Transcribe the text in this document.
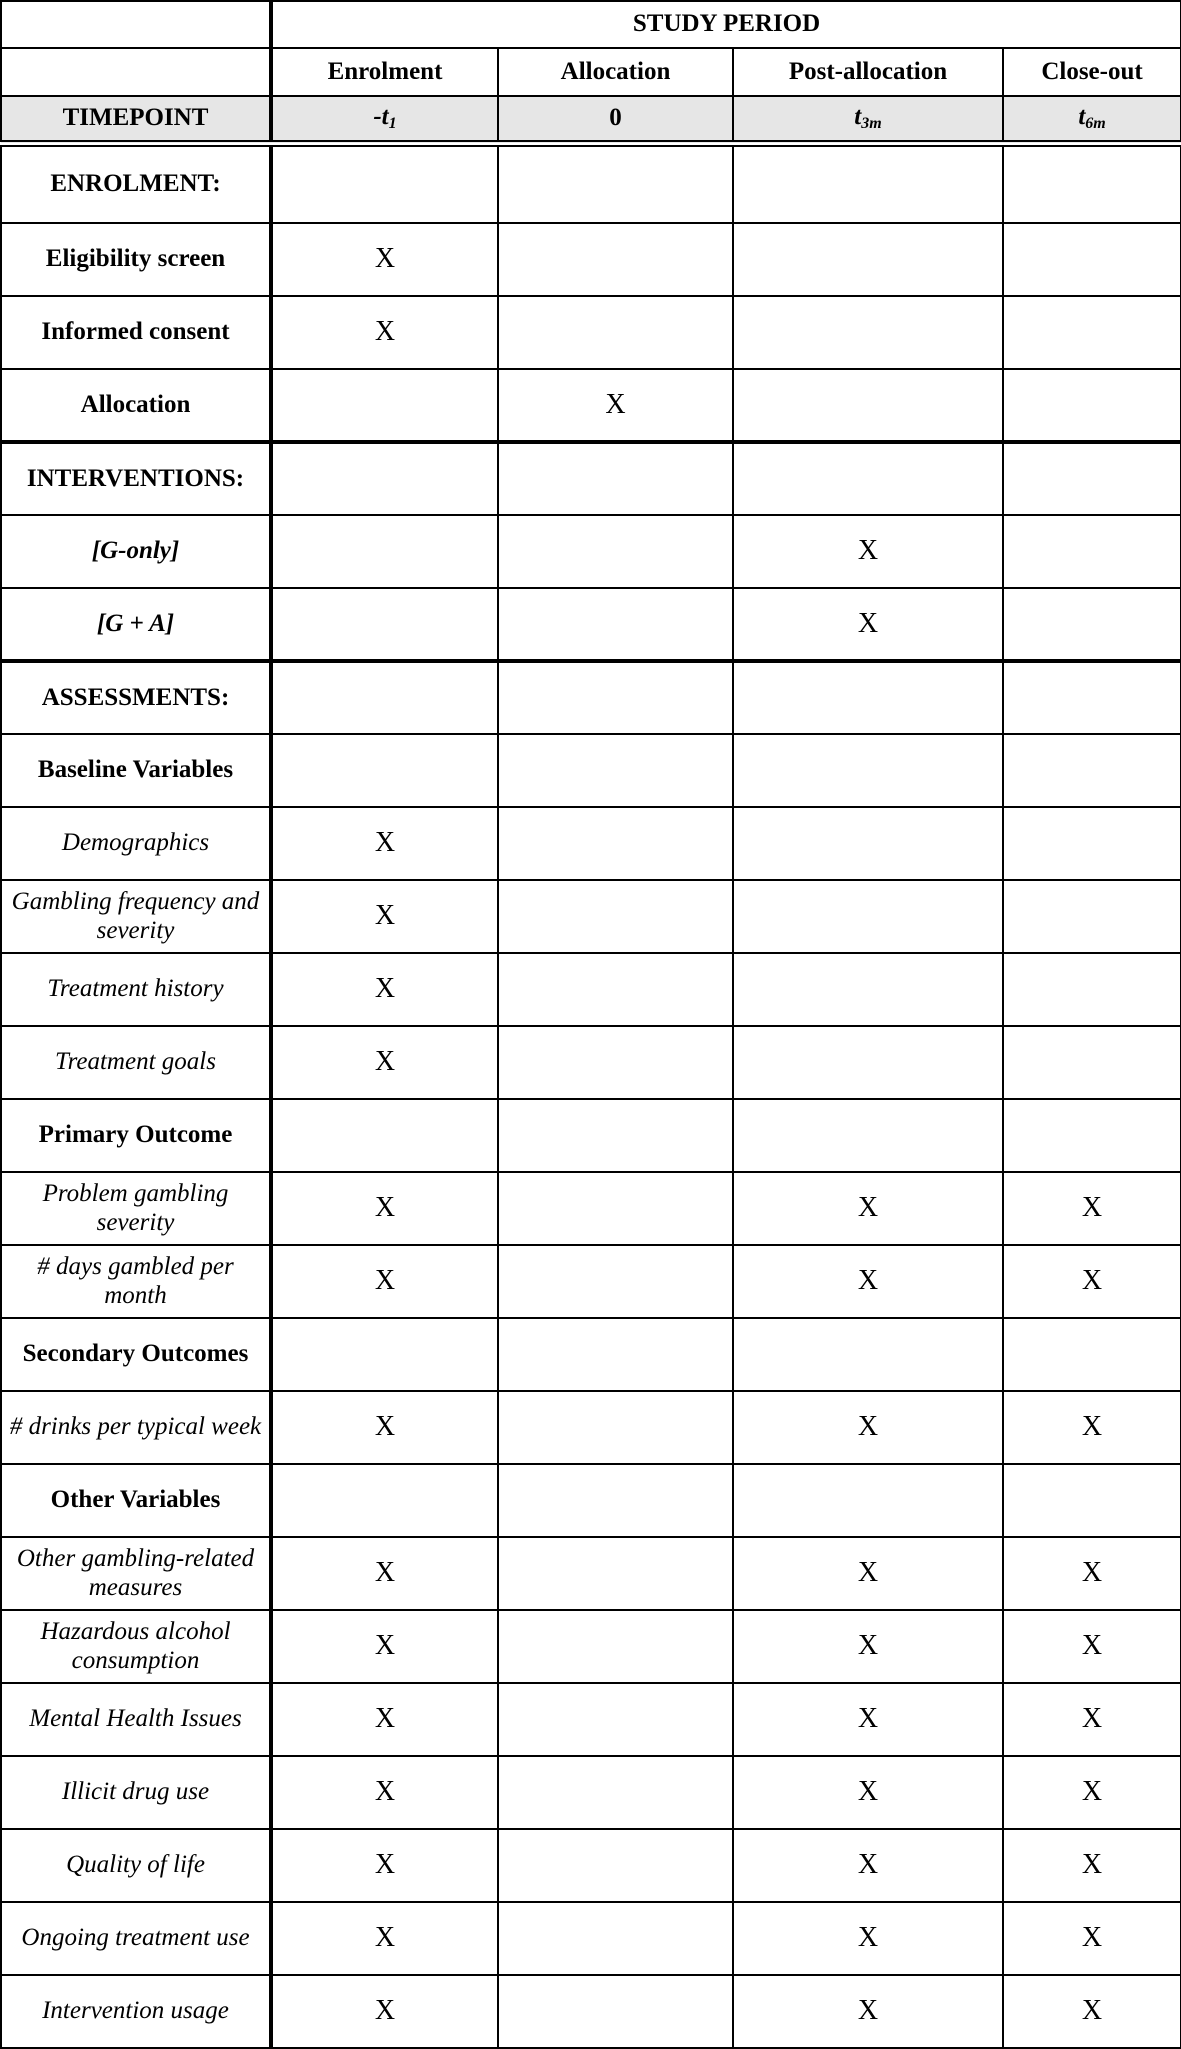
	STUDY PERIOD			
	Enrolment	Allocation	Post-allocation	Close-out
TIMEPOINT	$-t_1$	0	$t_{3m}$	$t_{6m}$
ENROLMENT:				
Eligibility screen	X			
Informed consent	X			
Allocation		X		
INTERVENTIONS:				
[G-only]			X	
[G + A]			X	
ASSESSMENTS:				
Baseline Variables				
Demographics	X			
Gambling frequency and severity	X			
Treatment history	X			
Treatment goals	X			
Primary Outcome				
Problem gambling severity	X		X	X
# days gambled per month	X		X	X
Secondary Outcomes				
# drinks per typical week	X		X	X
Other Variables				
Other gambling-related measures	X		X	X
Hazardous alcohol consumption	X		X	X
Mental Health Issues	X		X	X
Illicit drug use	X		X	X
Quality of life	X		X	X
Ongoing treatment use	X		X	X
Intervention usage	X		X	X
